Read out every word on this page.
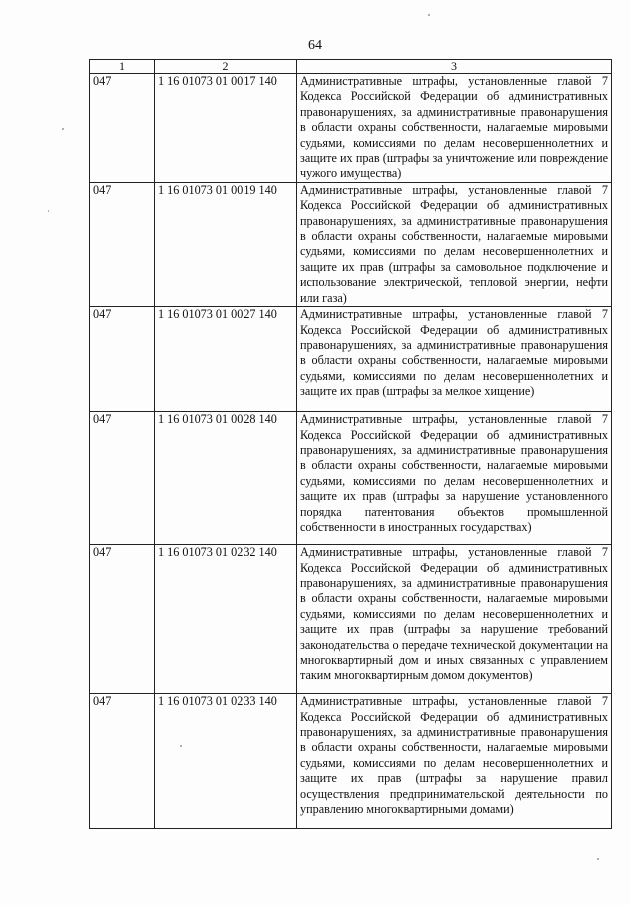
64
1	2	3
047	1 16 01073 01 0017 140	Административные штрафы, установленные главой 7 Кодекса Российской Федерации об административных правонарушениях, за административные правонарушения в области охраны собственности, налагаемые мировыми судьями, комиссиями по делам несовершеннолетних и защите их прав (штрафы за уничтожение или повреждение чужого имущества)
047	1 16 01073 01 0019 140	Административные штрафы, установленные главой 7 Кодекса Российской Федерации об административных правонарушениях, за административные правонарушения в области охраны собственности, налагаемые мировыми судьями, комиссиями по делам несовершеннолетних и защите их прав (штрафы за самовольное подключение и использование электрической, тепловой энергии, нефти или газа)
047	1 16 01073 01 0027 140	Административные штрафы, установленные главой 7 Кодекса Российской Федерации об административных правонарушениях, за административные правонарушения в области охраны собственности, налагаемые мировыми судьями, комиссиями по делам несовершеннолетних и защите их прав (штрафы за мелкое хищение)
047	1 16 01073 01 0028 140	Административные штрафы, установленные главой 7 Кодекса Российской Федерации об административных правонарушениях, за административные правонарушения в области охраны собственности, налагаемые мировыми судьями, комиссиями по делам несовершеннолетних и защите их прав (штрафы за нарушение установленного порядка патентования объектов промышленной собственности в иностранных государствах)
047	1 16 01073 01 0232 140	Административные штрафы, установленные главой 7 Кодекса Российской Федерации об административных правонарушениях, за административные правонарушения в области охраны собственности, налагаемые мировыми судьями, комиссиями по делам несовершеннолетних и защите их прав (штрафы за нарушение требований законодательства о передаче технической документации на многоквартирный дом и иных связанных с управлением таким многоквартирным домом документов)
047	1 16 01073 01 0233 140	Административные штрафы, установленные главой 7 Кодекса Российской Федерации об административных правонарушениях, за административные правонарушения в области охраны собственности, налагаемые мировыми судьями, комиссиями по делам несовершеннолетних и защите их прав (штрафы за нарушение правил осуществления предпринимательской деятельности по управлению многоквартирными домами)
